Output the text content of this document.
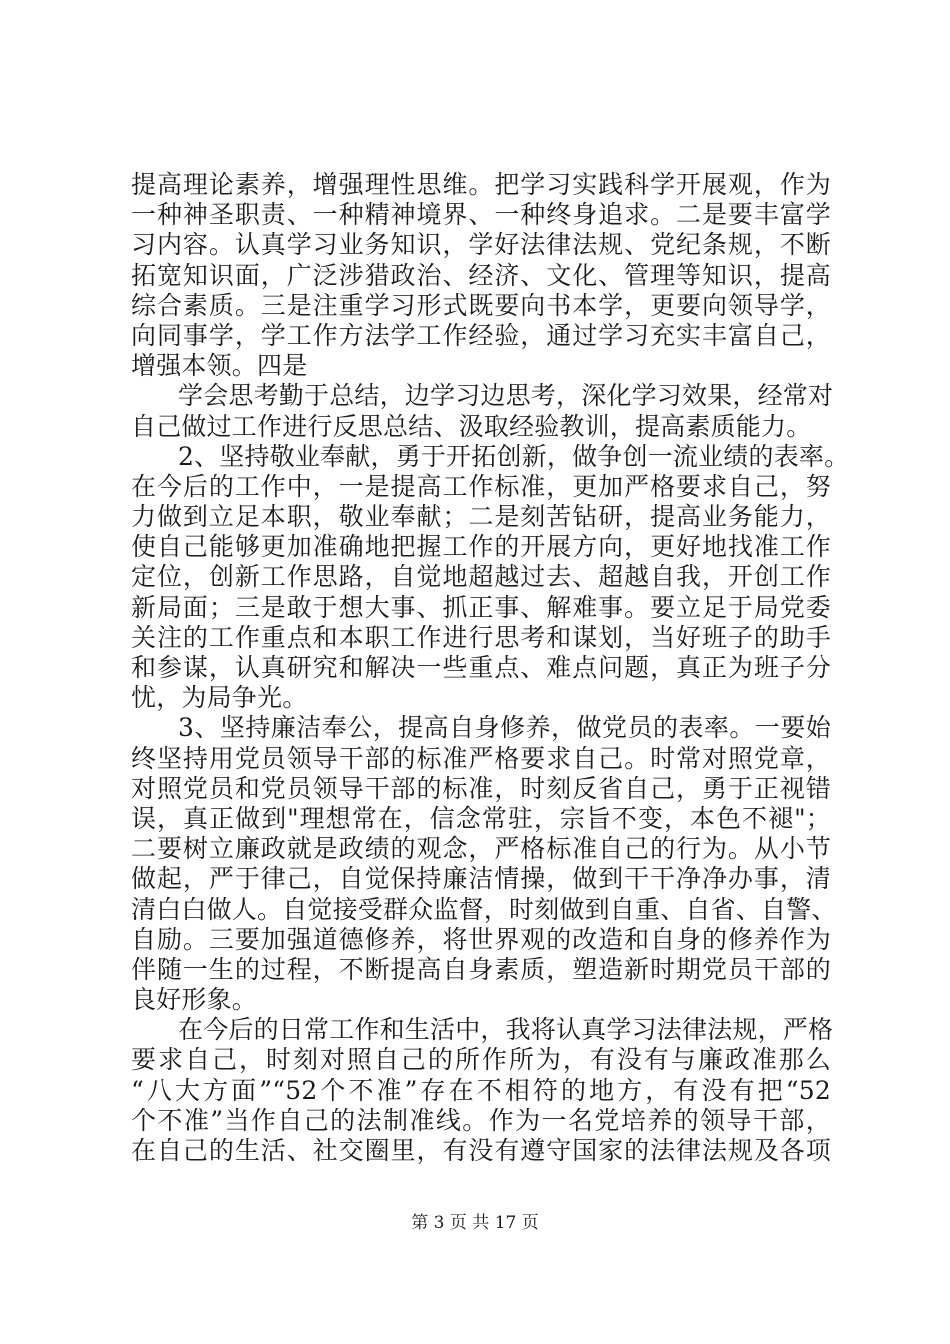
提高理论素养，增强理性思维。把学习实践科学开展观，作为
一种神圣职责、一种精神境界、一种终身追求。二是要丰富学
习内容。认真学习业务知识，学好法律法规、党纪条规，不断
拓宽知识面，广泛涉猎政治、经济、文化、管理等知识，提高
综合素质。三是注重学习形式既要向书本学，更要向领导学，
向同事学，学工作方法学工作经验，通过学习充实丰富自己，
增强本领。四是
学会思考勤于总结，边学习边思考，深化学习效果，经常对
自己做过工作进行反思总结、汲取经验教训，提高素质能力。
2、坚持敬业奉献，勇于开拓创新，做争创一流业绩的表率。
在今后的工作中，一是提高工作标准，更加严格要求自己，努
力做到立足本职，敬业奉献；二是刻苦钻研，提高业务能力，
使自己能够更加准确地把握工作的开展方向，更好地找准工作
定位，创新工作思路，自觉地超越过去、超越自我，开创工作
新局面；三是敢于想大事、抓正事、解难事。要立足于局党委
关注的工作重点和本职工作进行思考和谋划，当好班子的助手
和参谋，认真研究和解决一些重点、难点问题，真正为班子分
忧，为局争光。
3、坚持廉洁奉公，提高自身修养，做党员的表率。一要始
终坚持用党员领导干部的标准严格要求自己。时常对照党章，
对照党员和党员领导干部的标准，时刻反省自己，勇于正视错
误，真正做到"理想常在，信念常驻，宗旨不变，本色不褪"；
二要树立廉政就是政绩的观念，严格标准自己的行为。从小节
做起，严于律己，自觉保持廉洁情操，做到干干净净办事，清
清白白做人。自觉接受群众监督，时刻做到自重、自省、自警、
自励。三要加强道德修养，将世界观的改造和自身的修养作为
伴随一生的过程，不断提高自身素质，塑造新时期党员干部的
良好形象。
在今后的日常工作和生活中，我将认真学习法律法规，严格
要求自己，时刻对照自己的所作所为，有没有与廉政准那么
“八大方面”“52个不准”存在不相符的地方，有没有把“52
个不准”当作自己的法制准线。作为一名党培养的领导干部，
在自己的生活、社交圈里，有没有遵守国家的法律法规及各项
第 3 页 共 17 页
